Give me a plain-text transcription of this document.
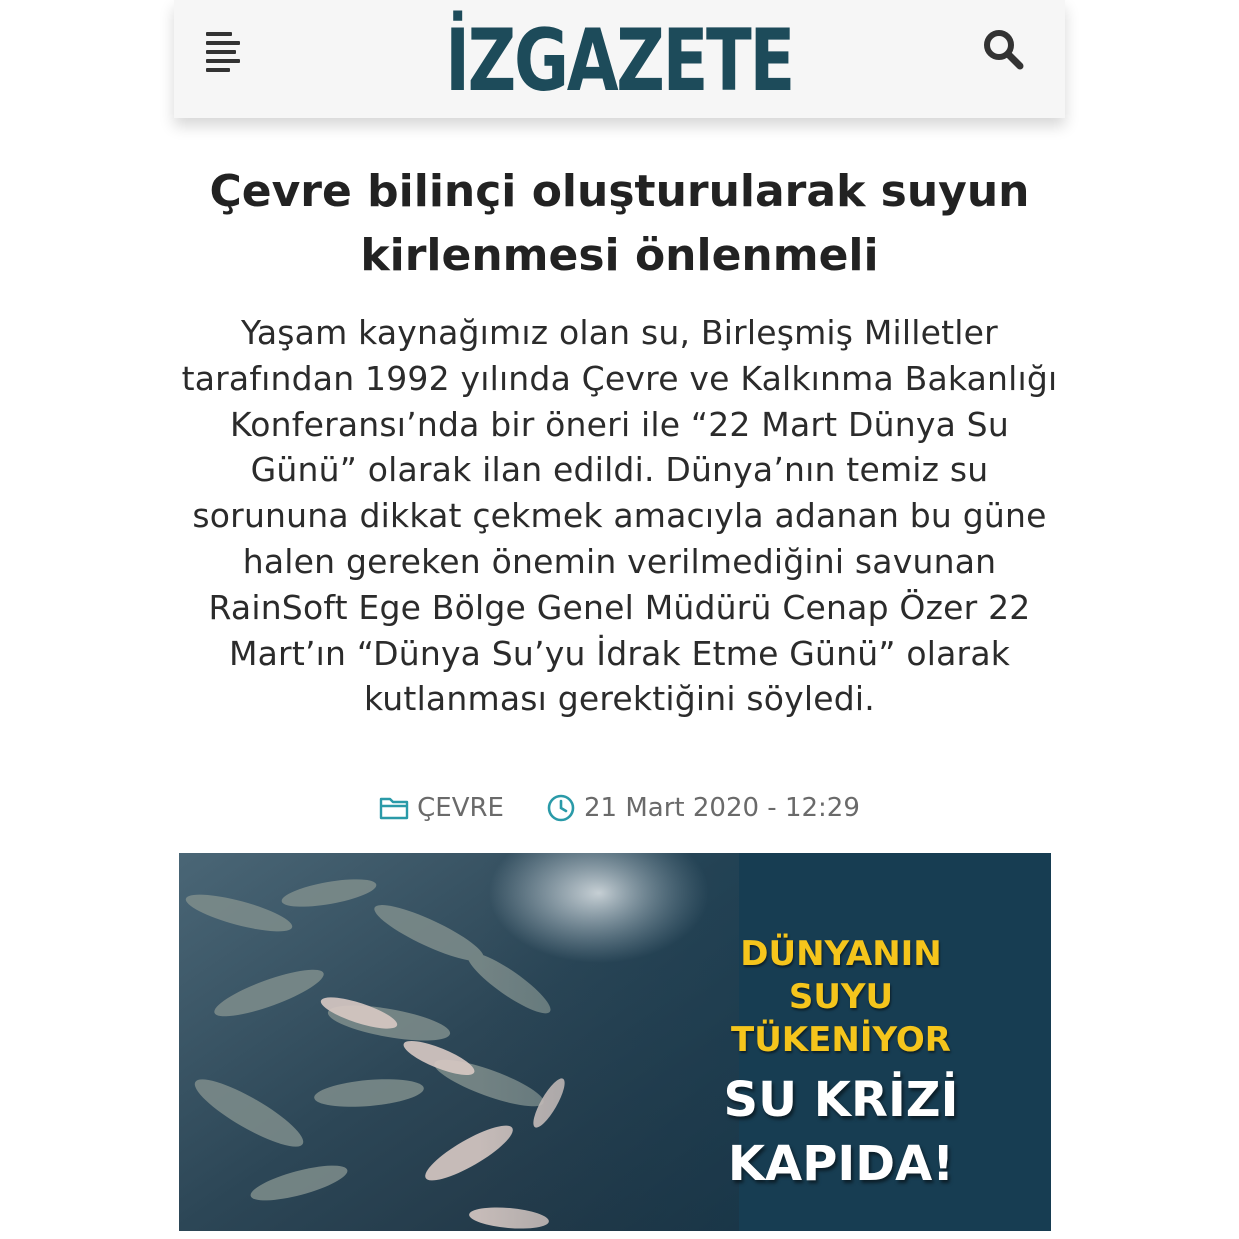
İZGAZETE
Çevre bilinçi oluşturularak suyun kirlenmesi önlenmeli

Yaşam kaynağımız olan su, Birleşmiş Milletler tarafından 1992 yılında Çevre ve Kalkınma Bakanlığı Konferansı’nda bir öneri ile “22 Mart Dünya Su Günü” olarak ilan edildi. Dünya’nın temiz su sorununa dikkat çekmek amacıyla adanan bu güne halen gereken önemin verilmediğini savunan RainSoft Ege Bölge Genel Müdürü Cenap Özer 22 Mart’ın “Dünya Su’yu İdrak Etme Günü” olarak kutlanması gerektiğini söyledi.

ÇEVRE	21 Mart 2020 - 12:29
DÜNYANIN
SUYU
TÜKENİYOR
SU KRİZİ
KAPIDA!
